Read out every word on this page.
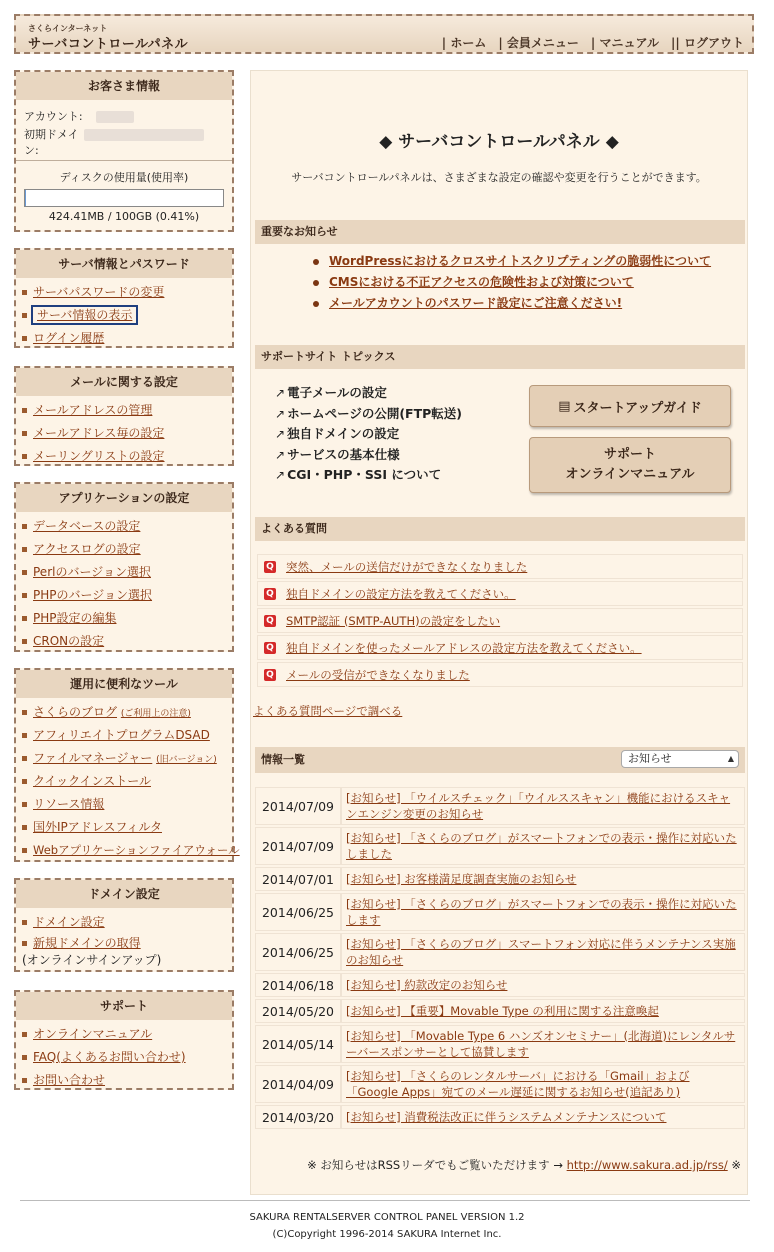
さくらインターネット
サーバコントロールパネル	| ホーム | 会員メニュー | マニュアル || ログアウト
お客さま情報
アカウント:
初期ドメイ
ン:
ディスクの使用量(使用率)
424.41MB / 100GB (0.41%)
サーバ情報とパスワード
サーバパスワードの変更
サーバ情報の表示
ログイン履歴
メールに関する設定
メールアドレスの管理
メールアドレス毎の設定
メーリングリストの設定
アプリケーションの設定
データベースの設定
アクセスログの設定
Perlのバージョン選択
PHPのバージョン選択
PHP設定の編集
CRONの設定
運用に便利なツール
さくらのブログ (ご利用上の注意)
アフィリエイトプログラムDSAD
ファイルマネージャー (旧バージョン)
クイックインストール
リソース情報
国外IPアドレスフィルタ
Webアプリケーションファイアウォール
ドメイン設定
ドメイン設定
新規ドメインの取得
(オンラインサインアップ)
サポート
オンラインマニュアル
FAQ(よくあるお問い合わせ)
お問い合わせ
◆ サーバコントロールパネル ◆
サーバコントロールパネルは、さまざまな設定の確認や変更を行うことができます。
重要なお知らせ
WordPressにおけるクロスサイトスクリプティングの脆弱性について
CMSにおける不正アクセスの危険性および対策について
メールアカウントのパスワード設定にご注意ください!
サポートサイト トピックス
↗ 電子メールの設定
↗ ホームページの公開(FTP転送)
↗ 独自ドメインの設定
↗ サービスの基本仕様
↗ CGI・PHP・SSI について
▤ スタートアップガイド
サポート
オンラインマニュアル
よくある質問
Q 突然、メールの送信だけができなくなりました
Q 独自ドメインの設定方法を教えてください。
Q SMTP認証 (SMTP-AUTH)の設定をしたい
Q 独自ドメインを使ったメールアドレスの設定方法を教えてください。
Q メールの受信ができなくなりました
よくある質問ページで調べる
情報一覧	お知らせ	▲

2014/07/09	[お知らせ] 「ウイルスチェック」「ウイルススキャン」機能におけるスキャンエンジン変更のお知らせ
2014/07/09	[お知らせ] 「さくらのブログ」がスマートフォンでの表示・操作に対応いたしました
2014/07/01	[お知らせ] お客様満足度調査実施のお知らせ
2014/06/25	[お知らせ] 「さくらのブログ」がスマートフォンでの表示・操作に対応いたします
2014/06/25	[お知らせ] 「さくらのブログ」スマートフォン対応に伴うメンテナンス実施のお知らせ
2014/06/18	[お知らせ] 約款改定のお知らせ
2014/05/20	[お知らせ] 【重要】Movable Type の利用に関する注意喚起
2014/05/14	[お知らせ] 「Movable Type 6 ハンズオンセミナー」(北海道)にレンタルサーバースポンサーとして協賛します
2014/04/09	[お知らせ] 「さくらのレンタルサーバ」における「Gmail」および「Google Apps」宛てのメール遅延に関するお知らせ(追記あり)
2014/03/20	[お知らせ] 消費税法改正に伴うシステムメンテナンスについて
※ お知らせはRSSリーダでもご覧いただけます → http://www.sakura.ad.jp/rss/ ※
SAKURA RENTALSERVER CONTROL PANEL VERSION 1.2
(C)Copyright 1996-2014 SAKURA Internet Inc.
